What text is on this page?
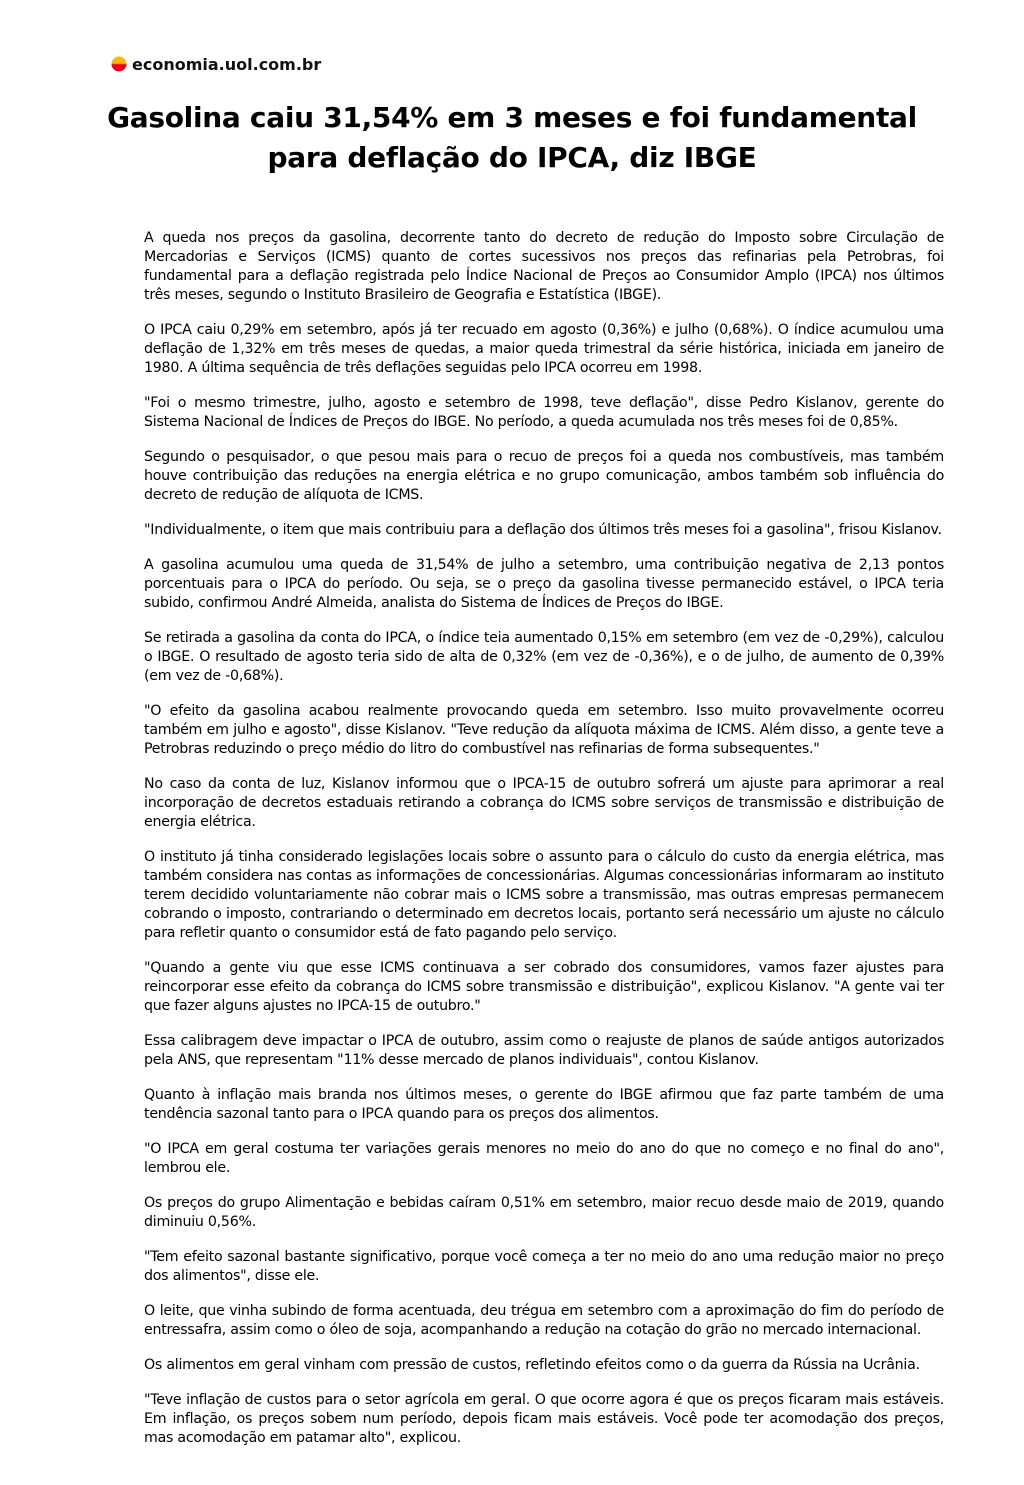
economia.uol.com.br
Gasolina caiu 31,54% em 3 meses e foi fundamental para deflação do IPCA, diz IBGE

A queda nos preços da gasolina, decorrente tanto do decreto de redução do Imposto sobre Circulação de Mercadorias e Serviços (ICMS) quanto de cortes sucessivos nos preços das refinarias pela Petrobras, foi fundamental para a deflação registrada pelo Índice Nacional de Preços ao Consumidor Amplo (IPCA) nos últimos três meses, segundo o Instituto Brasileiro de Geografia e Estatística (IBGE).

O IPCA caiu 0,29% em setembro, após já ter recuado em agosto (0,36%) e julho (0,68%). O índice acumulou uma deflação de 1,32% em três meses de quedas, a maior queda trimestral da série histórica, iniciada em janeiro de 1980. A última sequência de três deflações seguidas pelo IPCA ocorreu em 1998.

"Foi o mesmo trimestre, julho, agosto e setembro de 1998, teve deflação", disse Pedro Kislanov, gerente do Sistema Nacional de Índices de Preços do IBGE. No período, a queda acumulada nos três meses foi de 0,85%.

Segundo o pesquisador, o que pesou mais para o recuo de preços foi a queda nos combustíveis, mas também houve contribuição das reduções na energia elétrica e no grupo comunicação, ambos também sob influência do decreto de redução de alíquota de ICMS.

"Individualmente, o item que mais contribuiu para a deflação dos últimos três meses foi a gasolina", frisou Kislanov.

A gasolina acumulou uma queda de 31,54% de julho a setembro, uma contribuição negativa de 2,13 pontos porcentuais para o IPCA do período. Ou seja, se o preço da gasolina tivesse permanecido estável, o IPCA teria subido, confirmou André Almeida, analista do Sistema de Índices de Preços do IBGE.

Se retirada a gasolina da conta do IPCA, o índice teia aumentado 0,15% em setembro (em vez de -0,29%), calculou o IBGE. O resultado de agosto teria sido de alta de 0,32% (em vez de -0,36%), e o de julho, de aumento de 0,39% (em vez de -0,68%).

"O efeito da gasolina acabou realmente provocando queda em setembro. Isso muito provavelmente ocorreu também em julho e agosto", disse Kislanov. "Teve redução da alíquota máxima de ICMS. Além disso, a gente teve a Petrobras reduzindo o preço médio do litro do combustível nas refinarias de forma subsequentes."

No caso da conta de luz, Kislanov informou que o IPCA-15 de outubro sofrerá um ajuste para aprimorar a real incorporação de decretos estaduais retirando a cobrança do ICMS sobre serviços de transmissão e distribuição de energia elétrica.

O instituto já tinha considerado legislações locais sobre o assunto para o cálculo do custo da energia elétrica, mas também considera nas contas as informações de concessionárias. Algumas concessionárias informaram ao instituto terem decidido voluntariamente não cobrar mais o ICMS sobre a transmissão, mas outras empresas permanecem cobrando o imposto, contrariando o determinado em decretos locais, portanto será necessário um ajuste no cálculo para refletir quanto o consumidor está de fato pagando pelo serviço.

"Quando a gente viu que esse ICMS continuava a ser cobrado dos consumidores, vamos fazer ajustes para reincorporar esse efeito da cobrança do ICMS sobre transmissão e distribuição", explicou Kislanov. "A gente vai ter que fazer alguns ajustes no IPCA-15 de outubro."

Essa calibragem deve impactar o IPCA de outubro, assim como o reajuste de planos de saúde antigos autorizados pela ANS, que representam "11% desse mercado de planos individuais", contou Kislanov.

Quanto à inflação mais branda nos últimos meses, o gerente do IBGE afirmou que faz parte também de uma tendência sazonal tanto para o IPCA quando para os preços dos alimentos.

"O IPCA em geral costuma ter variações gerais menores no meio do ano do que no começo e no final do ano", lembrou ele.

Os preços do grupo Alimentação e bebidas caíram 0,51% em setembro, maior recuo desde maio de 2019, quando diminuiu 0,56%.

"Tem efeito sazonal bastante significativo, porque você começa a ter no meio do ano uma redução maior no preço dos alimentos", disse ele.

O leite, que vinha subindo de forma acentuada, deu trégua em setembro com a aproximação do fim do período de entressafra, assim como o óleo de soja, acompanhando a redução na cotação do grão no mercado internacional.

Os alimentos em geral vinham com pressão de custos, refletindo efeitos como o da guerra da Rússia na Ucrânia.

"Teve inflação de custos para o setor agrícola em geral. O que ocorre agora é que os preços ficaram mais estáveis. Em inflação, os preços sobem num período, depois ficam mais estáveis. Você pode ter acomodação dos preços, mas acomodação em patamar alto", explicou.
